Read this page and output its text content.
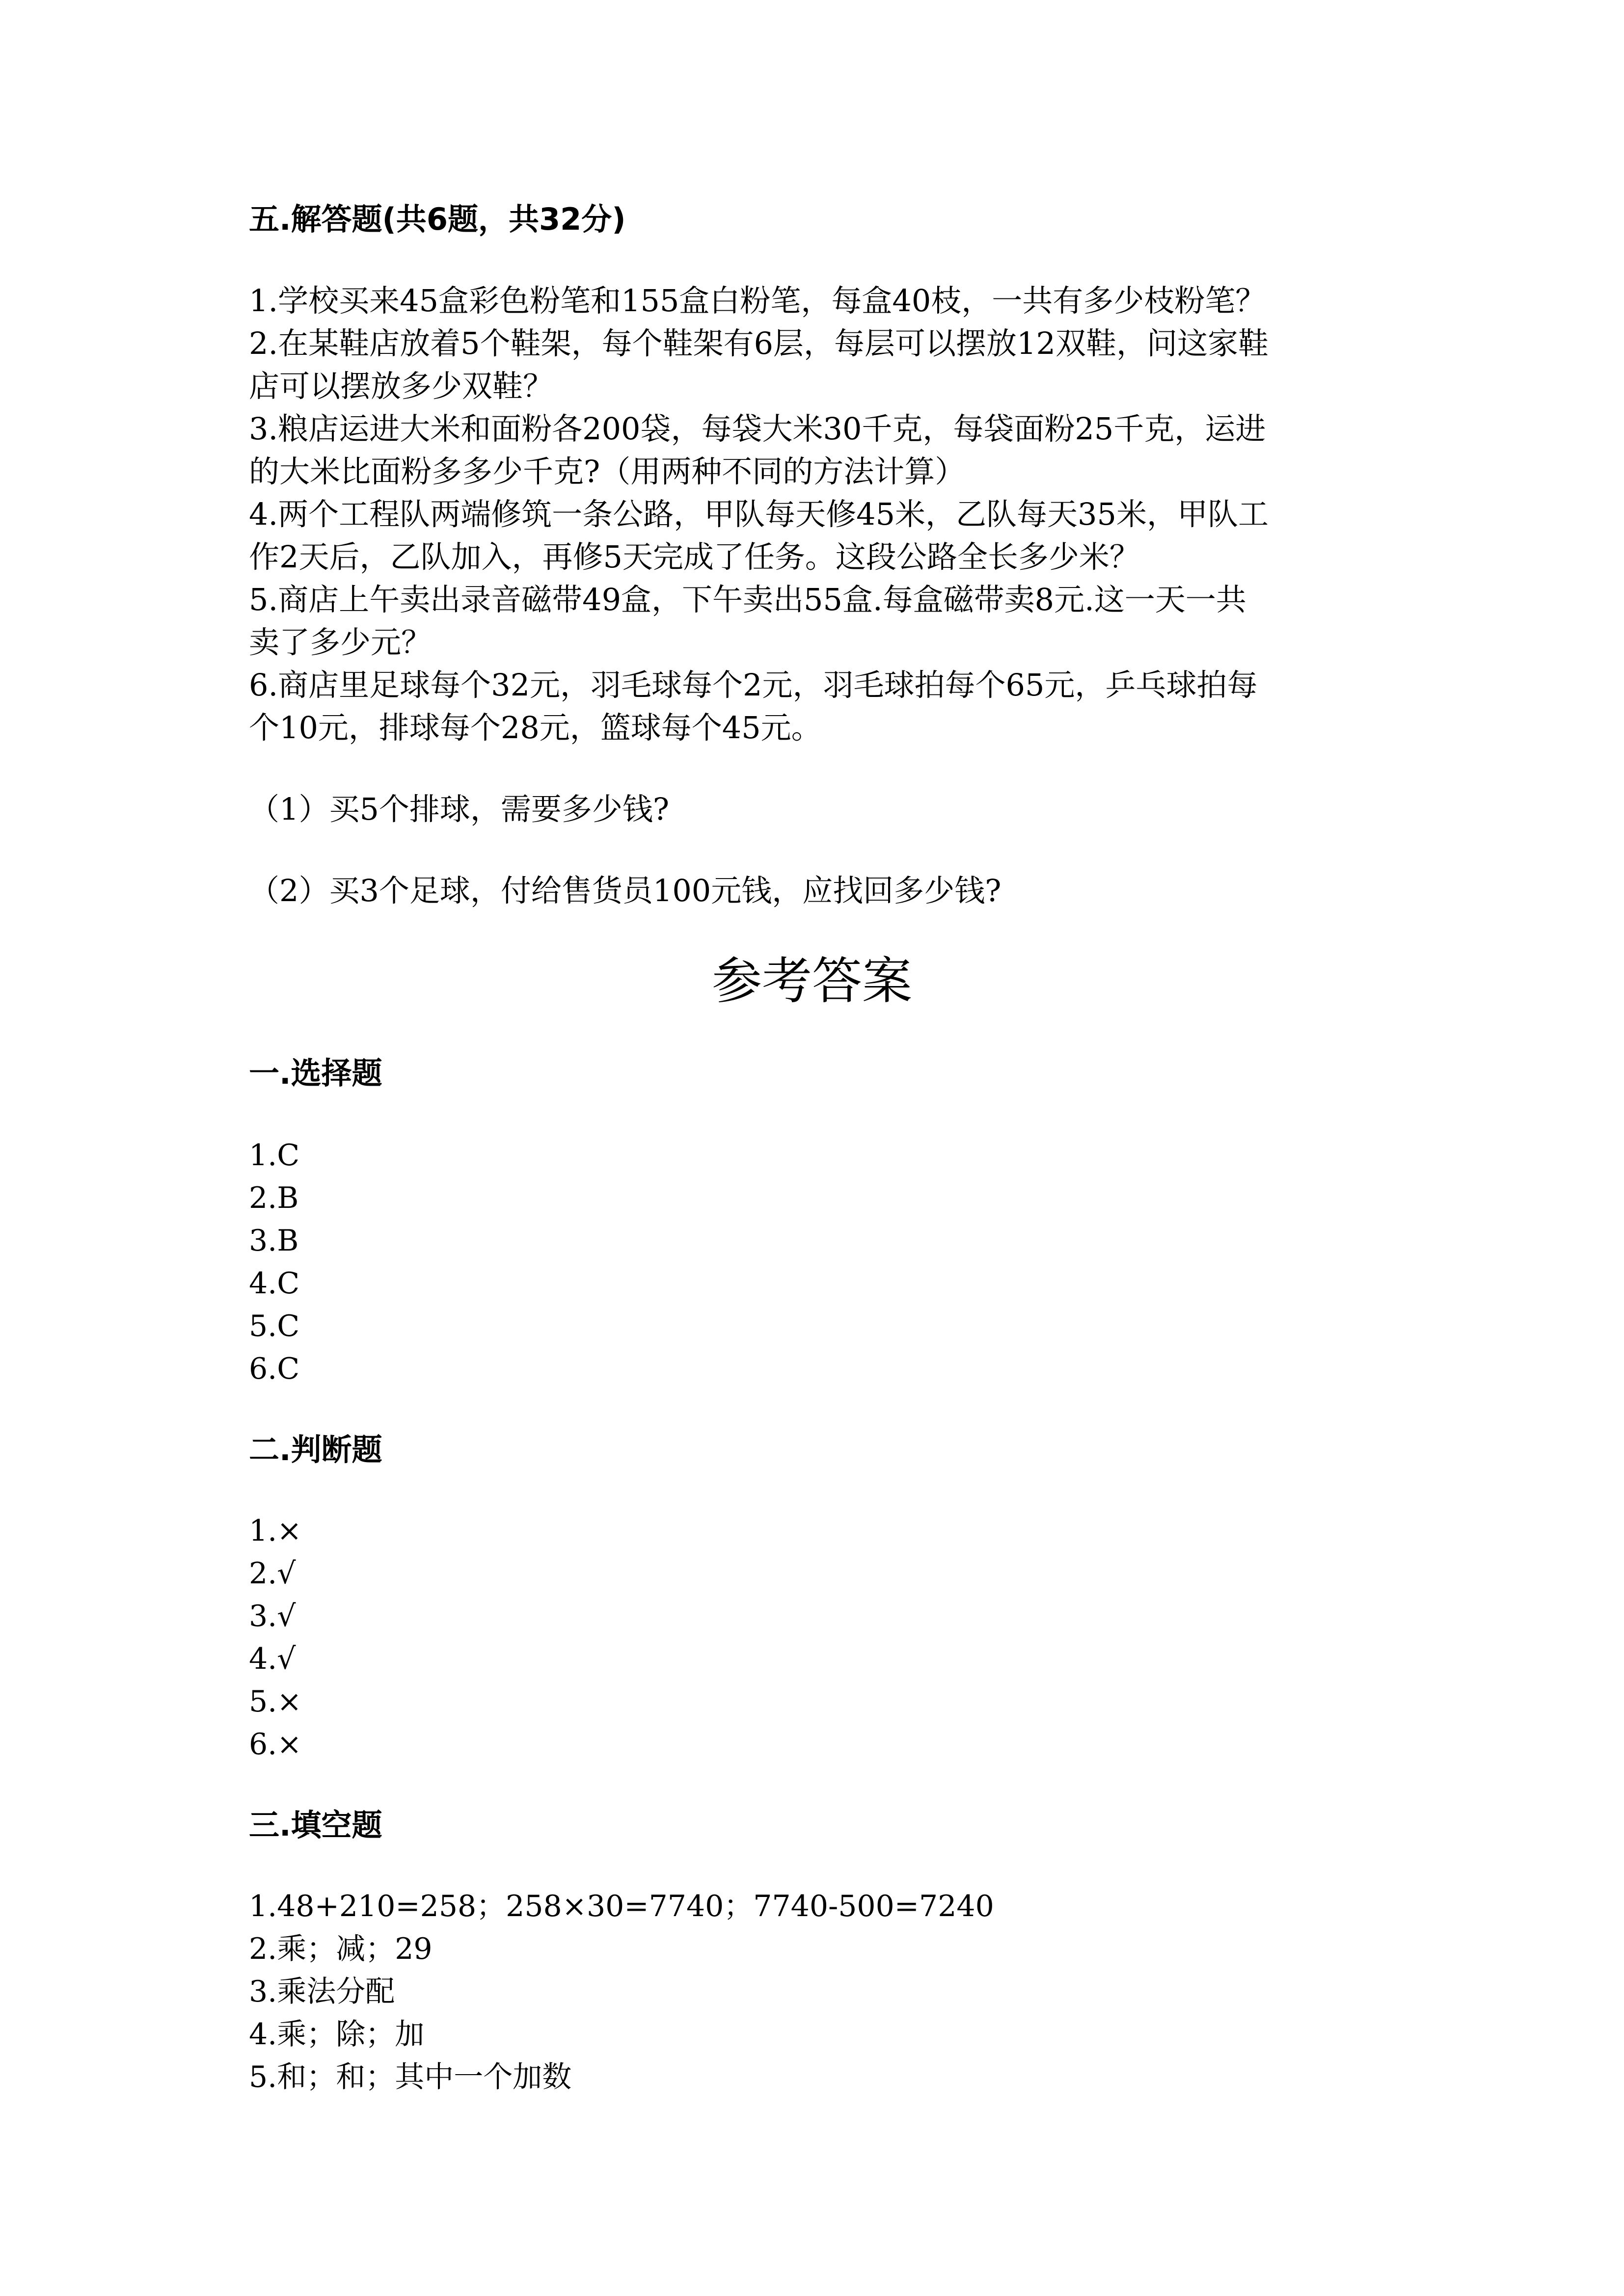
五.解答题(共6题，共32分)
1.学校买来45盒彩色粉笔和155盒白粉笔，每盒40枝，一共有多少枝粉笔？
2.在某鞋店放着5个鞋架，每个鞋架有6层，每层可以摆放12双鞋，问这家鞋
店可以摆放多少双鞋？
3.粮店运进大米和面粉各200袋，每袋大米30千克，每袋面粉25千克，运进
的大米比面粉多多少千克?（用两种不同的方法计算）
4.两个工程队两端修筑一条公路，甲队每天修45米，乙队每天35米，甲队工
作2天后，乙队加入，再修5天完成了任务。这段公路全长多少米？
5.商店上午卖出录音磁带49盒，下午卖出55盒.每盒磁带卖8元.这一天一共
卖了多少元？
6.商店里足球每个32元，羽毛球每个2元，羽毛球拍每个65元，乒乓球拍每
个10元，排球每个28元，篮球每个45元。
（1）买5个排球，需要多少钱?
（2）买3个足球，付给售货员100元钱，应找回多少钱?
参考答案
一.选择题
1.C
2.B
3.B
4.C
5.C
6.C
二.判断题
1.×
2.√
3.√
4.√
5.×
6.×
三.填空题
1.48+210=258；258×30=7740；7740-500=7240
2.乘；减；29
3.乘法分配
4.乘；除；加
5.和；和；其中一个加数
